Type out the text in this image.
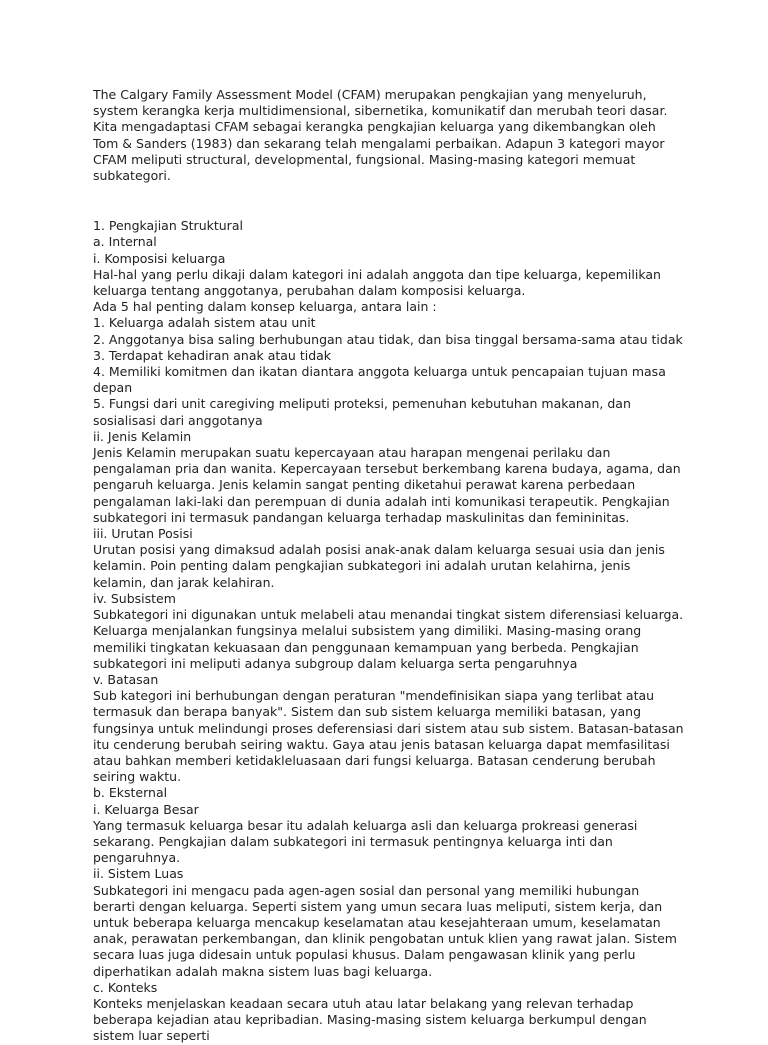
The Calgary Family Assessment Model (CFAM) merupakan pengkajian yang menyeluruh, system kerangka kerja multidimensional, sibernetika, komunikatif dan merubah teori dasar. Kita mengadaptasi CFAM sebagai kerangka pengkajian keluarga yang dikembangkan oleh Tom & Sanders (1983) dan sekarang telah mengalami perbaikan. Adapun 3 kategori mayor CFAM meliputi structural, developmental, fungsional. Masing-masing kategori memuat subkategori.

1. Pengkajian Struktural
a. Internal
i. Komposisi keluarga
Hal-hal yang perlu dikaji dalam kategori ini adalah anggota dan tipe keluarga, kepemilikan keluarga tentang anggotanya, perubahan dalam komposisi keluarga.
Ada 5 hal penting dalam konsep keluarga, antara lain :
1. Keluarga adalah sistem atau unit
2. Anggotanya bisa saling berhubungan atau tidak, dan bisa tinggal bersama-sama atau tidak
3. Terdapat kehadiran anak atau tidak
4. Memiliki komitmen dan ikatan diantara anggota keluarga untuk pencapaian tujuan masa depan
5. Fungsi dari unit caregiving meliputi proteksi, pemenuhan kebutuhan makanan, dan sosialisasi dari anggotanya
ii. Jenis Kelamin
Jenis Kelamin merupakan suatu kepercayaan atau harapan mengenai perilaku dan pengalaman pria dan wanita. Kepercayaan tersebut berkembang karena budaya, agama, dan pengaruh keluarga. Jenis kelamin sangat penting diketahui perawat karena perbedaan pengalaman laki-laki dan perempuan di dunia adalah inti komunikasi terapeutik. Pengkajian subkategori ini termasuk pandangan keluarga terhadap maskulinitas dan femininitas.
iii. Urutan Posisi
Urutan posisi yang dimaksud adalah posisi anak-anak dalam keluarga sesuai usia dan jenis kelamin. Poin penting dalam pengkajian subkategori ini adalah urutan kelahirna, jenis kelamin, dan jarak kelahiran.
iv. Subsistem
Subkategori ini digunakan untuk melabeli atau menandai tingkat sistem diferensiasi keluarga. Keluarga menjalankan fungsinya melalui subsistem yang dimiliki. Masing-masing orang memiliki tingkatan kekuasaan dan penggunaan kemampuan yang berbeda. Pengkajian subkategori ini meliputi adanya subgroup dalam keluarga serta pengaruhnya
v. Batasan
Sub kategori ini berhubungan dengan peraturan "mendefinisikan siapa yang terlibat atau termasuk dan berapa banyak". Sistem dan sub sistem keluarga memiliki batasan, yang fungsinya untuk melindungi proses deferensiasi dari sistem atau sub sistem. Batasan-batasan itu cenderung berubah seiring waktu. Gaya atau jenis batasan keluarga dapat memfasilitasi atau bahkan memberi ketidakleluasaan dari fungsi keluarga. Batasan cenderung berubah seiring waktu.
b. Eksternal
i. Keluarga Besar
Yang termasuk keluarga besar itu adalah keluarga asli dan keluarga prokreasi generasi sekarang. Pengkajian dalam subkategori ini termasuk pentingnya keluarga inti dan pengaruhnya.
ii. Sistem Luas
Subkategori ini mengacu pada agen-agen sosial dan personal yang memiliki hubungan berarti dengan keluarga. Seperti sistem yang umun secara luas meliputi, sistem kerja, dan untuk beberapa keluarga mencakup keselamatan atau kesejahteraan umum, keselamatan anak, perawatan perkembangan, dan klinik pengobatan untuk klien yang rawat jalan. Sistem secara luas juga didesain untuk populasi khusus. Dalam pengawasan klinik yang perlu diperhatikan adalah makna sistem luas bagi keluarga.
c. Konteks
Konteks menjelaskan keadaan secara utuh atau latar belakang yang relevan terhadap beberapa kejadian atau kepribadian. Masing-masing sistem keluarga berkumpul dengan sistem luar seperti
